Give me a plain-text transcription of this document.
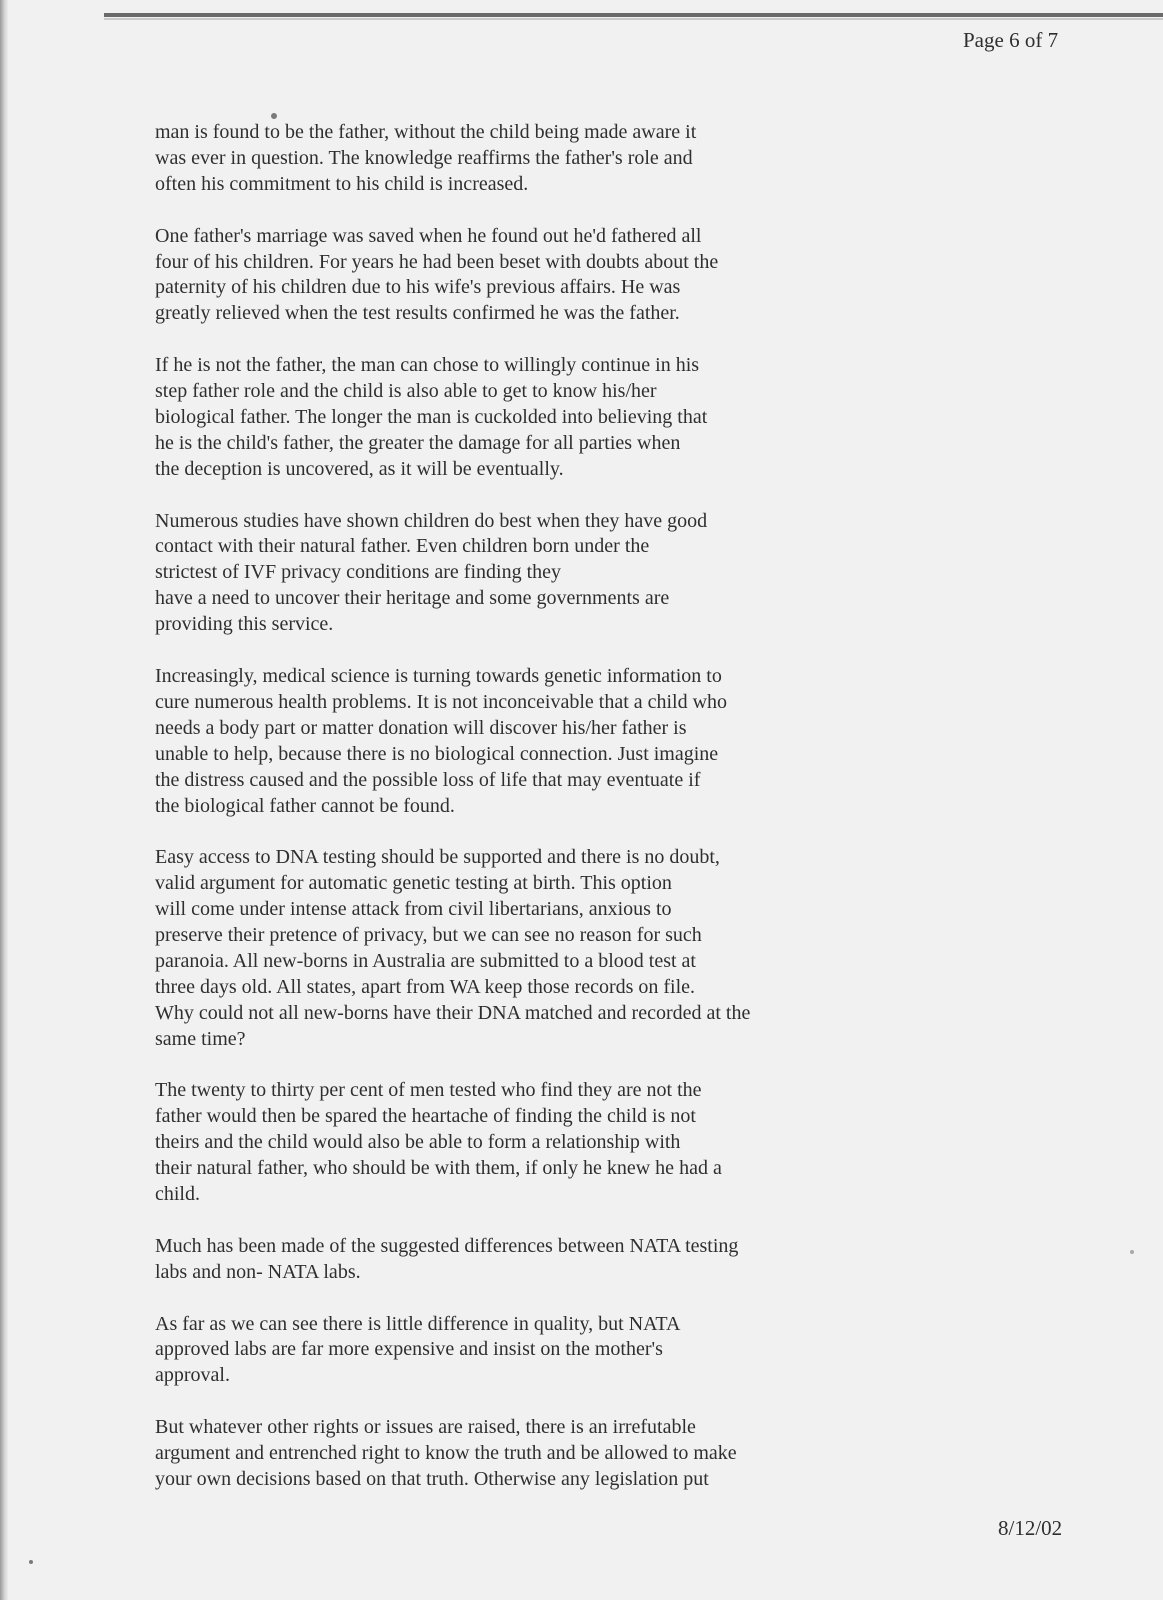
Page 6 of 7

man is found to be the father, without the child being made aware it
was ever in question. The knowledge reaffirms the father's role and
often his commitment to his child is increased.

One father's marriage was saved when he found out he'd fathered all
four of his children. For years he had been beset with doubts about the
paternity of his children due to his wife's previous affairs. He was
greatly relieved when the test results confirmed he was the father.

If he is not the father, the man can chose to willingly continue in his
step father role and the child is also able to get to know his/her
biological father. The longer the man is cuckolded into believing that
he is the child's father, the greater the damage for all parties when
the deception is uncovered, as it will be eventually.

Numerous studies have shown children do best when they have good
contact with their natural father. Even children born under the
strictest of IVF privacy conditions are finding they
have a need to uncover their heritage and some governments are
providing this service.

Increasingly, medical science is turning towards genetic information to
cure numerous health problems. It is not inconceivable that a child who
needs a body part or matter donation will discover his/her father is
unable to help, because there is no biological connection. Just imagine
the distress caused and the possible loss of life that may eventuate if
the biological father cannot be found.

Easy access to DNA testing should be supported and there is no doubt,
valid argument for automatic genetic testing at birth. This option
will come under intense attack from civil libertarians, anxious to
preserve their pretence of privacy, but we can see no reason for such
paranoia. All new-borns in Australia are submitted to a blood test at
three days old. All states, apart from WA keep those records on file.
Why could not all new-borns have their DNA matched and recorded at the
same time?

The twenty to thirty per cent of men tested who find they are not the
father would then be spared the heartache of finding the child is not
theirs and the child would also be able to form a relationship with
their natural father, who should be with them, if only he knew he had a
child.

Much has been made of the suggested differences between NATA testing
labs and non- NATA labs.

As far as we can see there is little difference in quality, but NATA
approved labs are far more expensive and insist on the mother's
approval.

But whatever other rights or issues are raised, there is an irrefutable
argument and entrenched right to know the truth and be allowed to make
your own decisions based on that truth. Otherwise any legislation put

8/12/02
